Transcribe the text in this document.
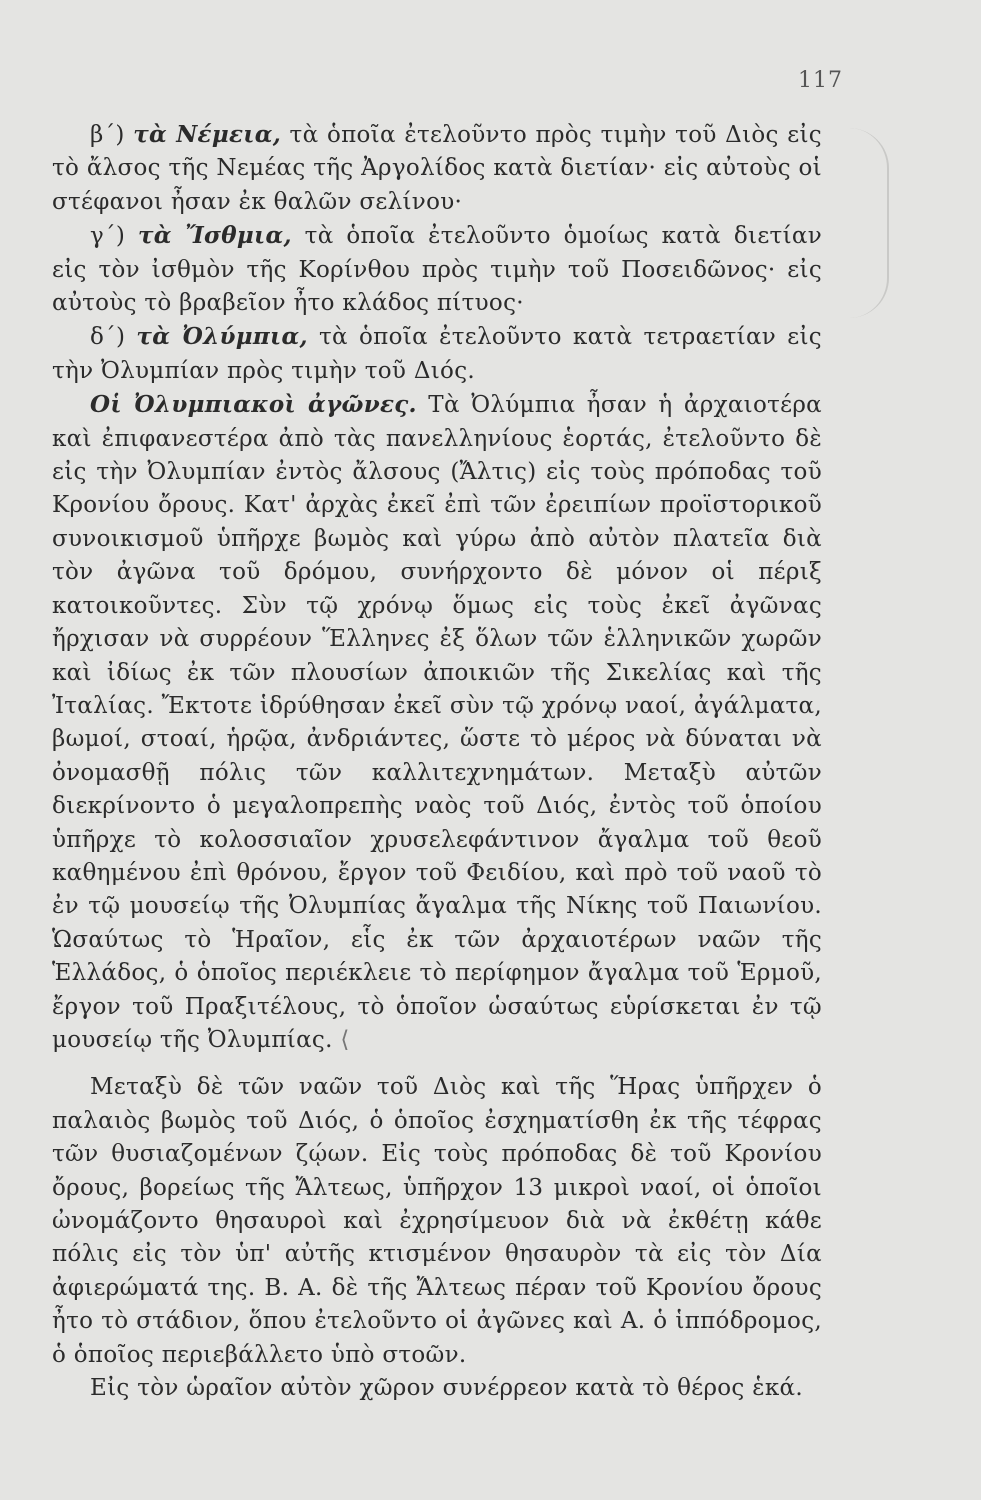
117

β΄) τὰ Νέμεια, τὰ ὁποῖα ἐτελοῦντο πρὸς τιμὴν τοῦ Διὸς εἰς τὸ ἄλσος τῆς Νεμέας τῆς Ἀργολίδος κατὰ διετίαν· εἰς αὐτοὺς οἱ στέφανοι ἦσαν ἐκ θαλῶν σελίνου·

γ΄) τὰ Ἴσθμια, τὰ ὁποῖα ἐτελοῦντο ὁμοίως κατὰ διετίαν εἰς τὸν ἰσθμὸν τῆς Κορίνθου πρὸς τιμὴν τοῦ Ποσειδῶνος· εἰς αὐτοὺς τὸ βραβεῖον ἦτο κλάδος πίτυος·

δ΄) τὰ Ὀλύμπια, τὰ ὁποῖα ἐτελοῦντο κατὰ τετραετίαν εἰς τὴν Ὀλυμπίαν πρὸς τιμὴν τοῦ Διός.

Οἱ Ὀλυμπιακοὶ ἀγῶνες. Τὰ Ὀλύμπια ἦσαν ἡ ἀρχαιοτέρα καὶ ἐπιφανεστέρα ἀπὸ τὰς πανελληνίους ἑορτάς, ἐτελοῦντο δὲ εἰς τὴν Ὀλυμπίαν ἐντὸς ἄλσους (Ἄλτις) εἰς τοὺς πρόποδας τοῦ Κρονίου ὄρους. Κατ' ἀρχὰς ἐκεῖ ἐπὶ τῶν ἐρειπίων προϊστορικοῦ συνοικισμοῦ ὑπῆρχε βωμὸς καὶ γύρω ἀπὸ αὐτὸν πλατεῖα διὰ τὸν ἀγῶνα τοῦ δρόμου, συνήρχοντο δὲ μόνον οἱ πέριξ κατοικοῦντες. Σὺν τῷ χρόνῳ ὅμως εἰς τοὺς ἐκεῖ ἀγῶνας ἤρχισαν νὰ συρρέουν Ἕλληνες ἐξ ὅλων τῶν ἑλληνικῶν χωρῶν καὶ ἰδίως ἐκ τῶν πλουσίων ἀποικιῶν τῆς Σικελίας καὶ τῆς Ἰταλίας. Ἔκτοτε ἱδρύθησαν ἐκεῖ σὺν τῷ χρόνῳ ναοί, ἀγάλματα, βωμοί, στοαί, ἡρῷα, ἀνδριάντες, ὥστε τὸ μέρος νὰ δύναται νὰ ὀνομασθῇ πόλις τῶν καλλιτεχνημάτων. Μεταξὺ αὐτῶν διεκρίνοντο ὁ μεγαλοπρεπὴς ναὸς τοῦ Διός, ἐντὸς τοῦ ὁποίου ὑπῆρχε τὸ κολοσσιαῖον χρυσελεφάντινον ἄγαλμα τοῦ θεοῦ καθημένου ἐπὶ θρόνου, ἔργον τοῦ Φειδίου, καὶ πρὸ τοῦ ναοῦ τὸ ἐν τῷ μουσείῳ τῆς Ὀλυμπίας ἄγαλμα τῆς Νίκης τοῦ Παιωνίου. Ὡσαύτως τὸ Ἡραῖον, εἷς ἐκ τῶν ἀρχαιοτέρων ναῶν τῆς Ἑλλάδος, ὁ ὁποῖος περιέκλειε τὸ περίφημον ἄγαλμα τοῦ Ἑρμοῦ, ἔργον τοῦ Πραξιτέλους, τὸ ὁποῖον ὡσαύτως εὑρίσκεται ἐν τῷ μουσείῳ τῆς Ὀλυμπίας. ⟨

Μεταξὺ δὲ τῶν ναῶν τοῦ Διὸς καὶ τῆς Ἥρας ὑπῆρχεν ὁ παλαιὸς βωμὸς τοῦ Διός, ὁ ὁποῖος ἐσχηματίσθη ἐκ τῆς τέφρας τῶν θυσιαζομένων ζῴων. Εἰς τοὺς πρόποδας δὲ τοῦ Κρονίου ὄρους, βορείως τῆς Ἄλτεως, ὑπῆρχον 13 μικροὶ ναοί, οἱ ὁποῖοι ὠνομάζοντο θησαυροὶ καὶ ἐχρησίμευον διὰ νὰ ἐκθέτῃ κάθε πόλις εἰς τὸν ὑπ' αὐτῆς κτισμένον θησαυρὸν τὰ εἰς τὸν Δία ἀφιερώματά της. Β. Α. δὲ τῆς Ἄλτεως πέραν τοῦ Κρονίου ὄρους ἦτο τὸ στάδιον, ὅπου ἐτελοῦντο οἱ ἀγῶνες καὶ Α. ὁ ἱππόδρομος, ὁ ὁποῖος περιεβάλλετο ὑπὸ στοῶν.

Εἰς τὸν ὡραῖον αὐτὸν χῶρον συνέρρεον κατὰ τὸ θέρος ἑκά.
